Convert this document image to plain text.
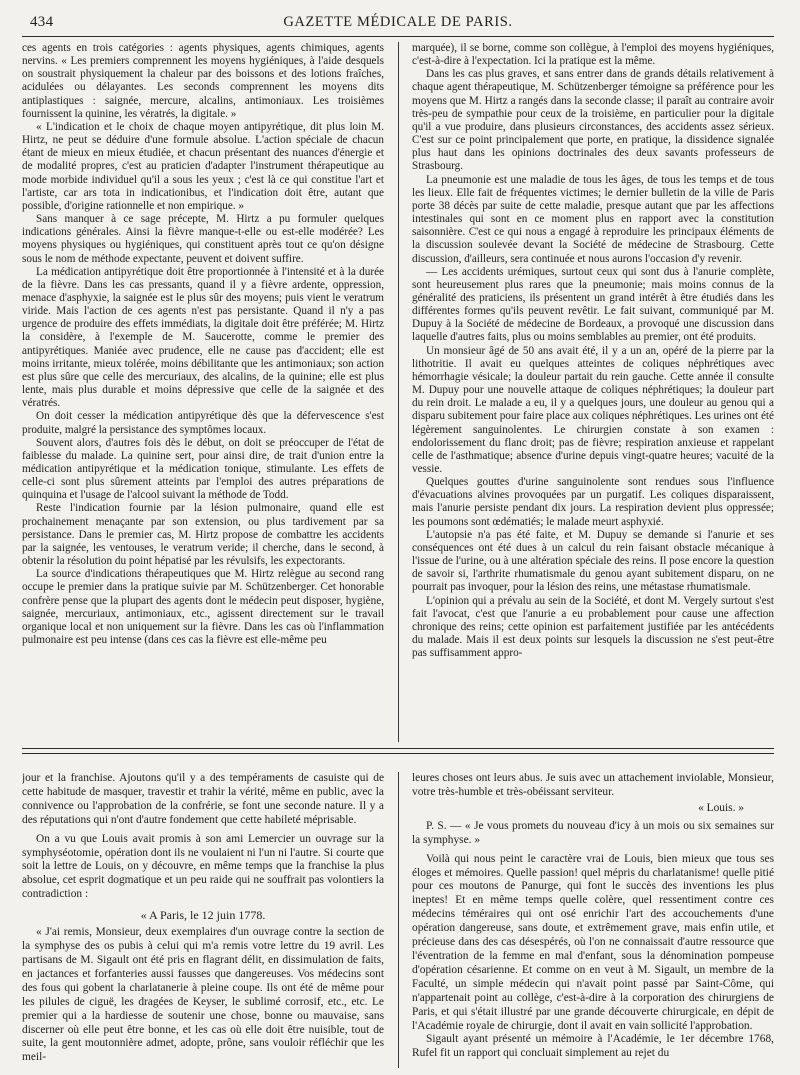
434	GAZETTE MÉDICALE DE PARIS.

ces agents en trois catégories : agents physiques, agents chimiques, agents nervins. « Les premiers comprennent les moyens hygiéniques, à l'aide desquels on soustrait physiquement la chaleur par des boissons et des lotions fraîches, acidulées ou délayantes. Les seconds comprennent les moyens dits antiplastiques : saignée, mercure, alcalins, antimoniaux. Les troisièmes fournissent la quinine, les vératrés, la digitale. »

« L'indication et le choix de chaque moyen antipyrétique, dit plus loin M. Hirtz, ne peut se déduire d'une formule absolue. L'action spéciale de chacun étant de mieux en mieux étudiée, et chacun présentant des nuances d'énergie et de modalité propres, c'est au praticien d'adapter l'instrument thérapeutique au mode morbide individuel qu'il a sous les yeux ; c'est là ce qui constitue l'art et l'artiste, car ars tota in indicationibus, et l'indication doit être, autant que possible, d'origine rationnelle et non empirique. »

Sans manquer à ce sage précepte, M. Hirtz a pu formuler quelques indications générales. Ainsi la fièvre manque-t-elle ou est-elle modérée? Les moyens physiques ou hygiéniques, qui constituent après tout ce qu'on désigne sous le nom de méthode expectante, peuvent et doivent suffire.

La médication antipyrétique doit être proportionnée à l'intensité et à la durée de la fièvre. Dans les cas pressants, quand il y a fièvre ardente, oppression, menace d'asphyxie, la saignée est le plus sûr des moyens; puis vient le veratrum viride. Mais l'action de ces agents n'est pas persistante. Quand il n'y a pas urgence de produire des effets immédiats, la digitale doit être préférée; M. Hirtz la considère, à l'exemple de M. Saucerotte, comme le premier des antipyrétiques. Maniée avec prudence, elle ne cause pas d'accident; elle est moins irritante, mieux tolérée, moins débilitante que les antimoniaux; son action est plus sûre que celle des mercuriaux, des alcalins, de la quinine; elle est plus lente, mais plus durable et moins dépressive que celle de la saignée et des vératrés.

On doit cesser la médication antipyrétique dès que la défervescence s'est produite, malgré la persistance des symptômes locaux.

Souvent alors, d'autres fois dès le début, on doit se préoccuper de l'état de faiblesse du malade. La quinine sert, pour ainsi dire, de trait d'union entre la médication antipyrétique et la médication tonique, stimulante. Les effets de celle-ci sont plus sûrement atteints par l'emploi des autres préparations de quinquina et l'usage de l'alcool suivant la méthode de Todd.

Reste l'indication fournie par la lésion pulmonaire, quand elle est prochainement menaçante par son extension, ou plus tardivement par sa persistance. Dans le premier cas, M. Hirtz propose de combattre les accidents par la saignée, les ventouses, le veratrum veride; il cherche, dans le second, à obtenir la résolution du point hépatisé par les révulsifs, les expectorants.

La source d'indications thérapeutiques que M. Hirtz relègue au second rang occupe le premier dans la pratique suivie par M. Schützenberger. Cet honorable confrère pense que la plupart des agents dont le médecin peut disposer, hygiène, saignée, mercuriaux, antimoniaux, etc., agissent directement sur le travail organique local et non uniquement sur la fièvre. Dans les cas où l'inflammation pulmonaire est peu intense (dans ces cas la fièvre est elle-même peu

marquée), il se borne, comme son collègue, à l'emploi des moyens hygiéniques, c'est-à-dire à l'expectation. Ici la pratique est la même.

Dans les cas plus graves, et sans entrer dans de grands détails relativement à chaque agent thérapeutique, M. Schützenberger témoigne sa préférence pour les moyens que M. Hirtz a rangés dans la seconde classe; il paraît au contraire avoir très-peu de sympathie pour ceux de la troisième, en particulier pour la digitale qu'il a vue produire, dans plusieurs circonstances, des accidents assez sérieux. C'est sur ce point principalement que porte, en pratique, la dissidence signalée plus haut dans les opinions doctrinales des deux savants professeurs de Strasbourg.

La pneumonie est une maladie de tous les âges, de tous les temps et de tous les lieux. Elle fait de fréquentes victimes; le dernier bulletin de la ville de Paris porte 38 décès par suite de cette maladie, presque autant que par les affections intestinales qui sont en ce moment plus en rapport avec la constitution saisonnière. C'est ce qui nous a engagé à reproduire les principaux éléments de la discussion soulevée devant la Société de médecine de Strasbourg. Cette discussion, d'ailleurs, sera continuée et nous aurons l'occasion d'y revenir.

— Les accidents urémiques, surtout ceux qui sont dus à l'anurie complète, sont heureusement plus rares que la pneumonie; mais moins connus de la généralité des praticiens, ils présentent un grand intérêt à être étudiés dans les différentes formes qu'ils peuvent revêtir. Le fait suivant, communiqué par M. Dupuy à la Société de médecine de Bordeaux, a provoqué une discussion dans laquelle d'autres faits, plus ou moins semblables au premier, ont été produits.

Un monsieur âgé de 50 ans avait été, il y a un an, opéré de la pierre par la lithotritie. Il avait eu quelques atteintes de coliques néphrétiques avec hémorrhagie vésicale; la douleur partait du rein gauche. Cette année il consulte M. Dupuy pour une nouvelle attaque de coliques néphrétiques; la douleur part du rein droit. Le malade a eu, il y a quelques jours, une douleur au genou qui a disparu subitement pour faire place aux coliques néphrétiques. Les urines ont été légèrement sanguinolentes. Le chirurgien constate à son examen : endolorissement du flanc droit; pas de fièvre; respiration anxieuse et rappelant celle de l'asthmatique; absence d'urine depuis vingt-quatre heures; vacuité de la vessie.

Quelques gouttes d'urine sanguinolente sont rendues sous l'influence d'évacuations alvines provoquées par un purgatif. Les coliques disparaissent, mais l'anurie persiste pendant dix jours. La respiration devient plus oppressée; les poumons sont œdématiés; le malade meurt asphyxié.

L'autopsie n'a pas été faite, et M. Dupuy se demande si l'anurie et ses conséquences ont été dues à un calcul du rein faisant obstacle mécanique à l'issue de l'urine, ou à une altération spéciale des reins. Il pose encore la question de savoir si, l'arthrite rhumatismale du genou ayant subitement disparu, on ne pourrait pas invoquer, pour la lésion des reins, une métastase rhumatismale.

L'opinion qui a prévalu au sein de la Société, et dont M. Vergely surtout s'est fait l'avocat, c'est que l'anurie a eu probablement pour cause une affection chronique des reins; cette opinion est parfaitement justifiée par les antécédents du malade. Mais il est deux points sur lesquels la discussion ne s'est peut-être pas suffisamment appro-

jour et la franchise. Ajoutons qu'il y a des tempéraments de casuiste qui de cette habitude de masquer, travestir et trahir la vérité, même en public, avec la connivence ou l'approbation de la confrérie, se font une seconde nature. Il y a des réputations qui n'ont d'autre fondement que cette habileté méprisable.

On a vu que Louis avait promis à son ami Lemercier un ouvrage sur la symphyséotomie, opération dont ils ne voulaient ni l'un ni l'autre. Si courte que soit la lettre de Louis, on y découvre, en même temps que la franchise la plus absolue, cet esprit dogmatique et un peu raide qui ne souffrait pas volontiers la contradiction :

« A Paris, le 12 juin 1778.

« J'ai remis, Monsieur, deux exemplaires d'un ouvrage contre la section de la symphyse des os pubis à celui qui m'a remis votre lettre du 19 avril. Les partisans de M. Sigault ont été pris en flagrant délit, en dissimulation de faits, en jactances et forfanteries aussi fausses que dangereuses. Vos médecins sont des fous qui gobent la charlatanerie à pleine coupe. Ils ont été de même pour les pilules de ciguë, les dragées de Keyser, le sublimé corrosif, etc., etc. Le premier qui a la hardiesse de soutenir une chose, bonne ou mauvaise, sans discerner où elle peut être bonne, et les cas où elle doit être nuisible, tout de suite, la gent moutonnière admet, adopte, prône, sans vouloir réfléchir que les meil-

leures choses ont leurs abus. Je suis avec un attachement inviolable, Monsieur, votre très-humble et très-obéissant serviteur.

« Louis. »

P. S. — « Je vous promets du nouveau d'icy à un mois ou six semaines sur la symphyse. »

Voilà qui nous peint le caractère vrai de Louis, bien mieux que tous ses éloges et mémoires. Quelle passion! quel mépris du charlatanisme! quelle pitié pour ces moutons de Panurge, qui font le succès des inventions les plus ineptes! Et en même temps quelle colère, quel ressentiment contre ces médecins téméraires qui ont osé enrichir l'art des accouchements d'une opération dangereuse, sans doute, et extrêmement grave, mais enfin utile, et précieuse dans des cas désespérés, où l'on ne connaissait d'autre ressource que l'éventration de la femme en mal d'enfant, sous la dénomination pompeuse d'opération césarienne. Et comme on en veut à M. Sigault, un membre de la Faculté, un simple médecin qui n'avait point passé par Saint-Côme, qui n'appartenait point au collège, c'est-à-dire à la corporation des chirurgiens de Paris, et qui s'était illustré par une grande découverte chirurgicale, en dépit de l'Académie royale de chirurgie, dont il avait en vain sollicité l'approbation.

Sigault ayant présenté un mémoire à l'Académie, le 1er décembre 1768, Rufel fit un rapport qui concluait simplement au rejet du
